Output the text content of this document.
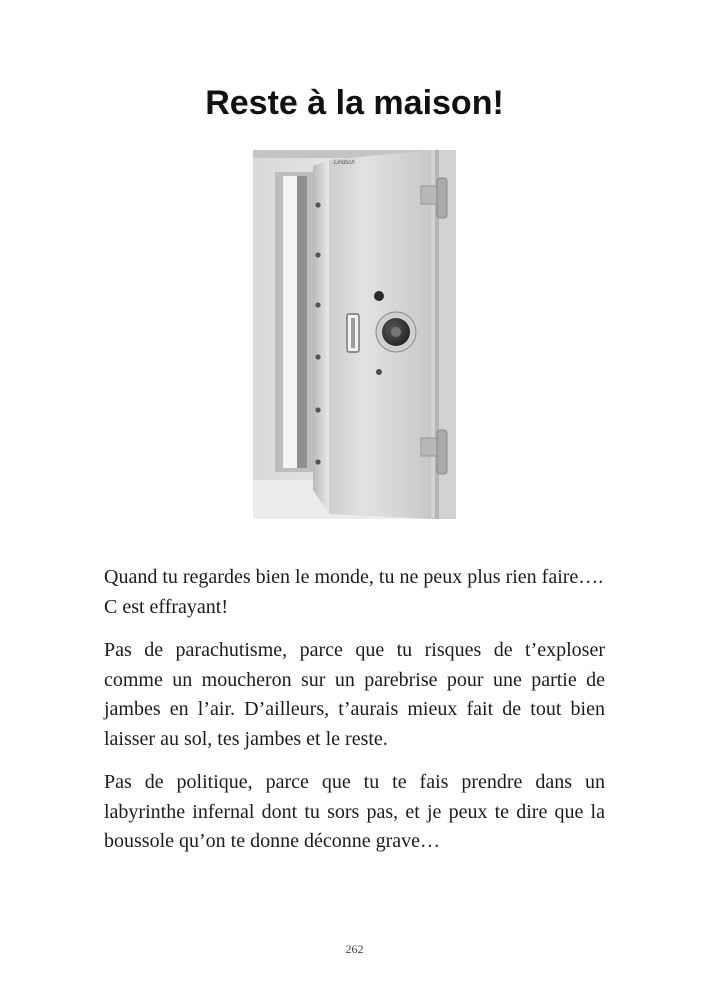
Reste à la maison!
Lindsch

Quand tu regardes bien le monde, tu ne peux plus rien faire….
C est effrayant!

Pas de parachutisme, parce que tu risques de t’exploser comme un moucheron sur un parebrise pour une partie de jambes en l’air. D’ailleurs, t’aurais mieux fait de tout bien laisser au sol, tes jambes et le reste.

Pas de politique, parce que tu te fais prendre dans un labyrinthe infernal dont tu sors pas, et je peux te dire que la boussole qu’on te donne déconne grave…

262
